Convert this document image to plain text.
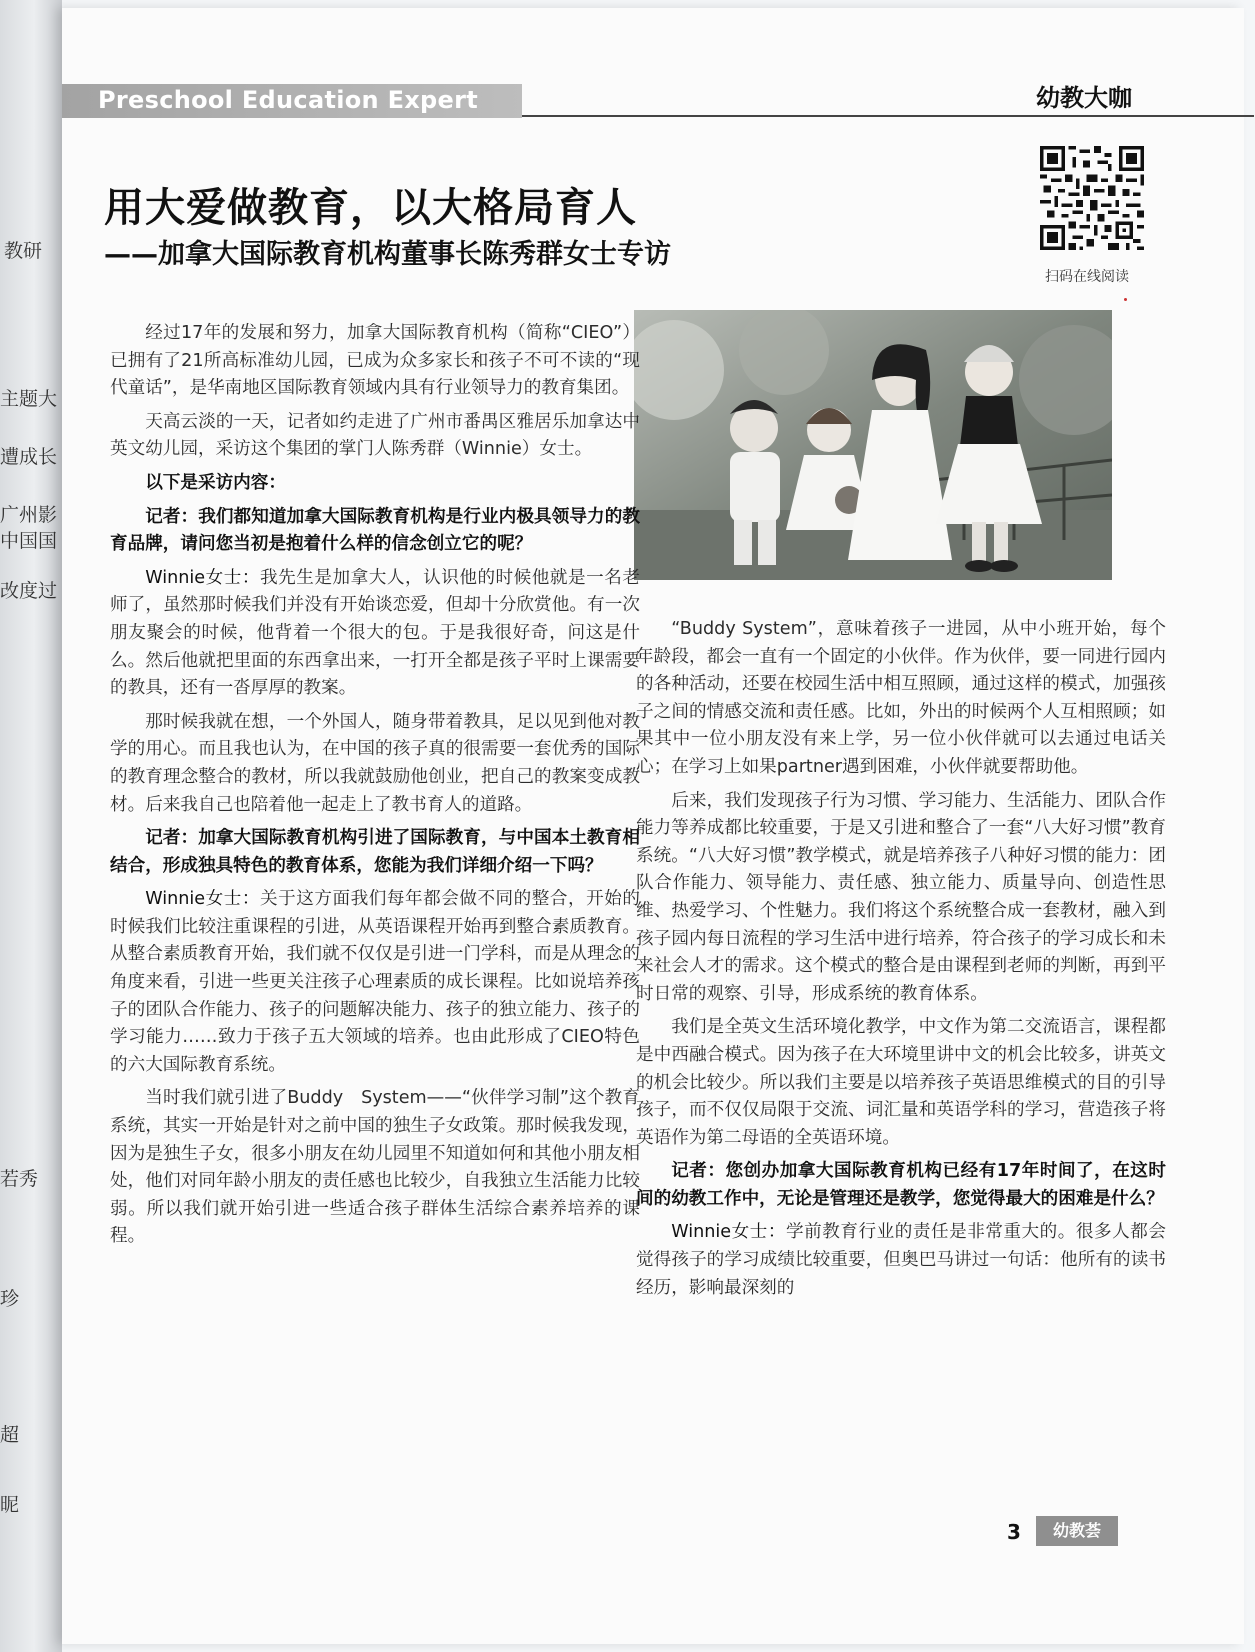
教研
主题大
遭成长
广州影
中国国
改度过
若秀
珍
超
昵
Preschool Education Expert	幼教大咖
用大爱做教育，以大格局育人
——加拿大国际教育机构董事长陈秀群女士专访
扫码在线阅读

经过17年的发展和努力，加拿大国际教育机构（简称“CIEO”）已拥有了21所高标准幼儿园，已成为众多家长和孩子不可不读的“现代童话”，是华南地区国际教育领域内具有行业领导力的教育集团。

天高云淡的一天，记者如约走进了广州市番禺区雅居乐加拿达中英文幼儿园，采访这个集团的掌门人陈秀群（Winnie）女士。

以下是采访内容：

记者：我们都知道加拿大国际教育机构是行业内极具领导力的教育品牌，请问您当初是抱着什么样的信念创立它的呢？

Winnie女士：我先生是加拿大人，认识他的时候他就是一名老师了，虽然那时候我们并没有开始谈恋爱，但却十分欣赏他。有一次朋友聚会的时候，他背着一个很大的包。于是我很好奇，问这是什么。然后他就把里面的东西拿出来，一打开全都是孩子平时上课需要的教具，还有一沓厚厚的教案。

那时候我就在想，一个外国人，随身带着教具，足以见到他对教学的用心。而且我也认为，在中国的孩子真的很需要一套优秀的国际的教育理念整合的教材，所以我就鼓励他创业，把自己的教案变成教材。后来我自己也陪着他一起走上了教书育人的道路。

记者：加拿大国际教育机构引进了国际教育，与中国本土教育相结合，形成独具特色的教育体系，您能为我们详细介绍一下吗？

Winnie女士：关于这方面我们每年都会做不同的整合，开始的时候我们比较注重课程的引进，从英语课程开始再到整合素质教育。从整合素质教育开始，我们就不仅仅是引进一门学科，而是从理念的角度来看，引进一些更关注孩子心理素质的成长课程。比如说培养孩子的团队合作能力、孩子的问题解决能力、孩子的独立能力、孩子的学习能力……致力于孩子五大领域的培养。也由此形成了CIEO特色的六大国际教育系统。

当时我们就引进了Buddy　System——“伙伴学习制”这个教育系统，其实一开始是针对之前中国的独生子女政策。那时候我发现，因为是独生子女，很多小朋友在幼儿园里不知道如何和其他小朋友相处，他们对同年龄小朋友的责任感也比较少，自我独立生活能力比较弱。所以我们就开始引进一些适合孩子群体生活综合素养培养的课程。

“Buddy System”，意味着孩子一进园，从中小班开始，每个年龄段，都会一直有一个固定的小伙伴。作为伙伴，要一同进行园内的各种活动，还要在校园生活中相互照顾，通过这样的模式，加强孩子之间的情感交流和责任感。比如，外出的时候两个人互相照顾；如果其中一位小朋友没有来上学，另一位小伙伴就可以去通过电话关心；在学习上如果partner遇到困难，小伙伴就要帮助他。

后来，我们发现孩子行为习惯、学习能力、生活能力、团队合作能力等养成都比较重要，于是又引进和整合了一套“八大好习惯”教育系统。“八大好习惯”教学模式，就是培养孩子八种好习惯的能力：团队合作能力、领导能力、责任感、独立能力、质量导向、创造性思维、热爱学习、个性魅力。我们将这个系统整合成一套教材，融入到孩子园内每日流程的学习生活中进行培养，符合孩子的学习成长和未来社会人才的需求。这个模式的整合是由课程到老师的判断，再到平时日常的观察、引导，形成系统的教育体系。

我们是全英文生活环境化教学，中文作为第二交流语言，课程都是中西融合模式。因为孩子在大环境里讲中文的机会比较多，讲英文的机会比较少。所以我们主要是以培养孩子英语思维模式的目的引导孩子，而不仅仅局限于交流、词汇量和英语学科的学习，营造孩子将英语作为第二母语的全英语环境。

记者：您创办加拿大国际教育机构已经有17年时间了，在这时间的幼教工作中，无论是管理还是教学，您觉得最大的困难是什么？

Winnie女士：学前教育行业的责任是非常重大的。很多人都会觉得孩子的学习成绩比较重要，但奥巴马讲过一句话：他所有的读书经历，影响最深刻的

3	幼教荟
